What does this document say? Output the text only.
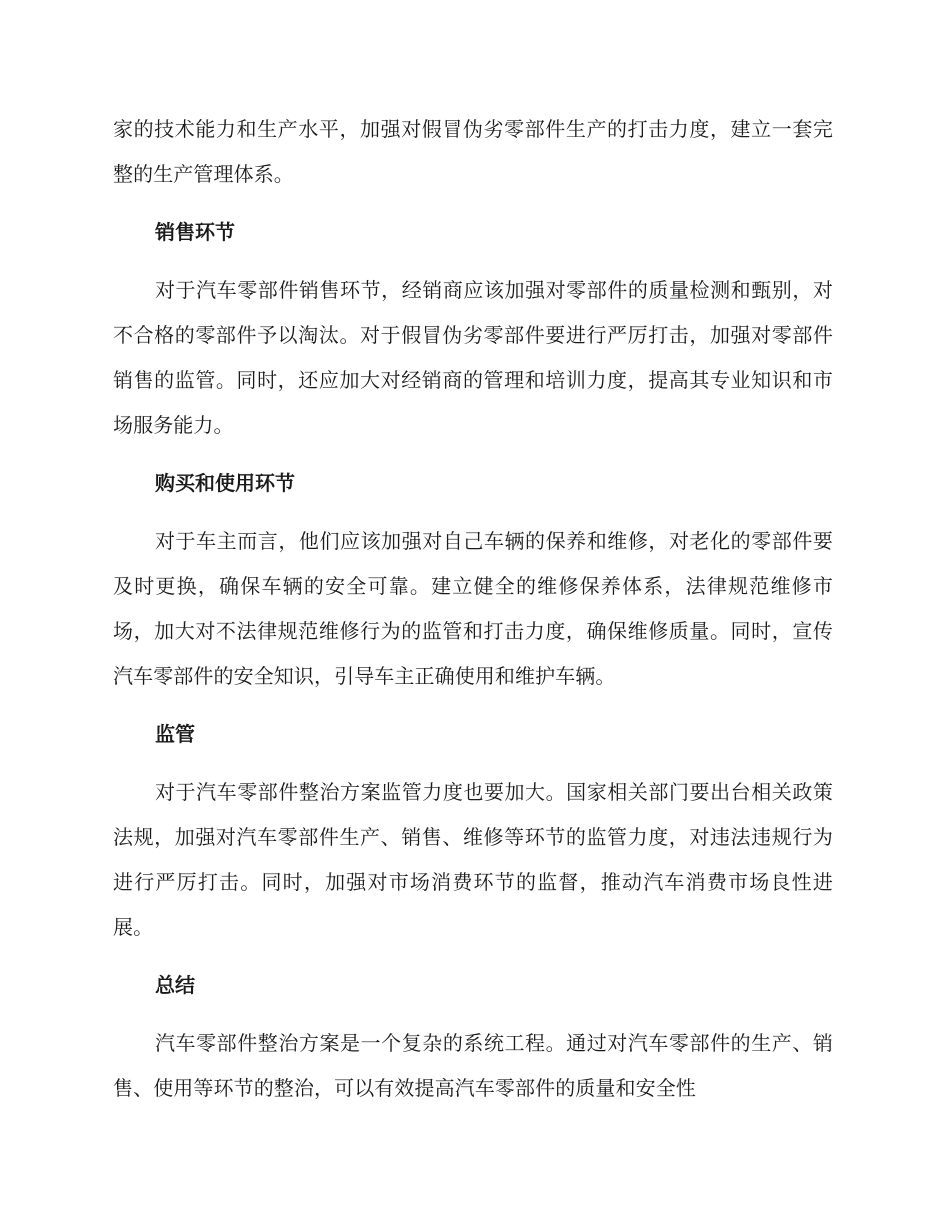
家的技术能力和生产水平，加强对假冒伪劣零部件生产的打击力度，建立一套完整的生产管理体系。

销售环节

对于汽车零部件销售环节，经销商应该加强对零部件的质量检测和甄别，对不合格的零部件予以淘汰。对于假冒伪劣零部件要进行严厉打击，加强对零部件销售的监管。同时，还应加大对经销商的管理和培训力度，提高其专业知识和市场服务能力。

购买和使用环节

对于车主而言，他们应该加强对自己车辆的保养和维修，对老化的零部件要及时更换，确保车辆的安全可靠。建立健全的维修保养体系，法律规范维修市场，加大对不法律规范维修行为的监管和打击力度，确保维修质量。同时，宣传汽车零部件的安全知识，引导车主正确使用和维护车辆。

监管

对于汽车零部件整治方案监管力度也要加大。国家相关部门要出台相关政策法规，加强对汽车零部件生产、销售、维修等环节的监管力度，对违法违规行为进行严厉打击。同时，加强对市场消费环节的监督，推动汽车消费市场良性进展。

总结

汽车零部件整治方案是一个复杂的系统工程。通过对汽车零部件的生产、销售、使用等环节的整治，可以有效提高汽车零部件的质量和安全性
